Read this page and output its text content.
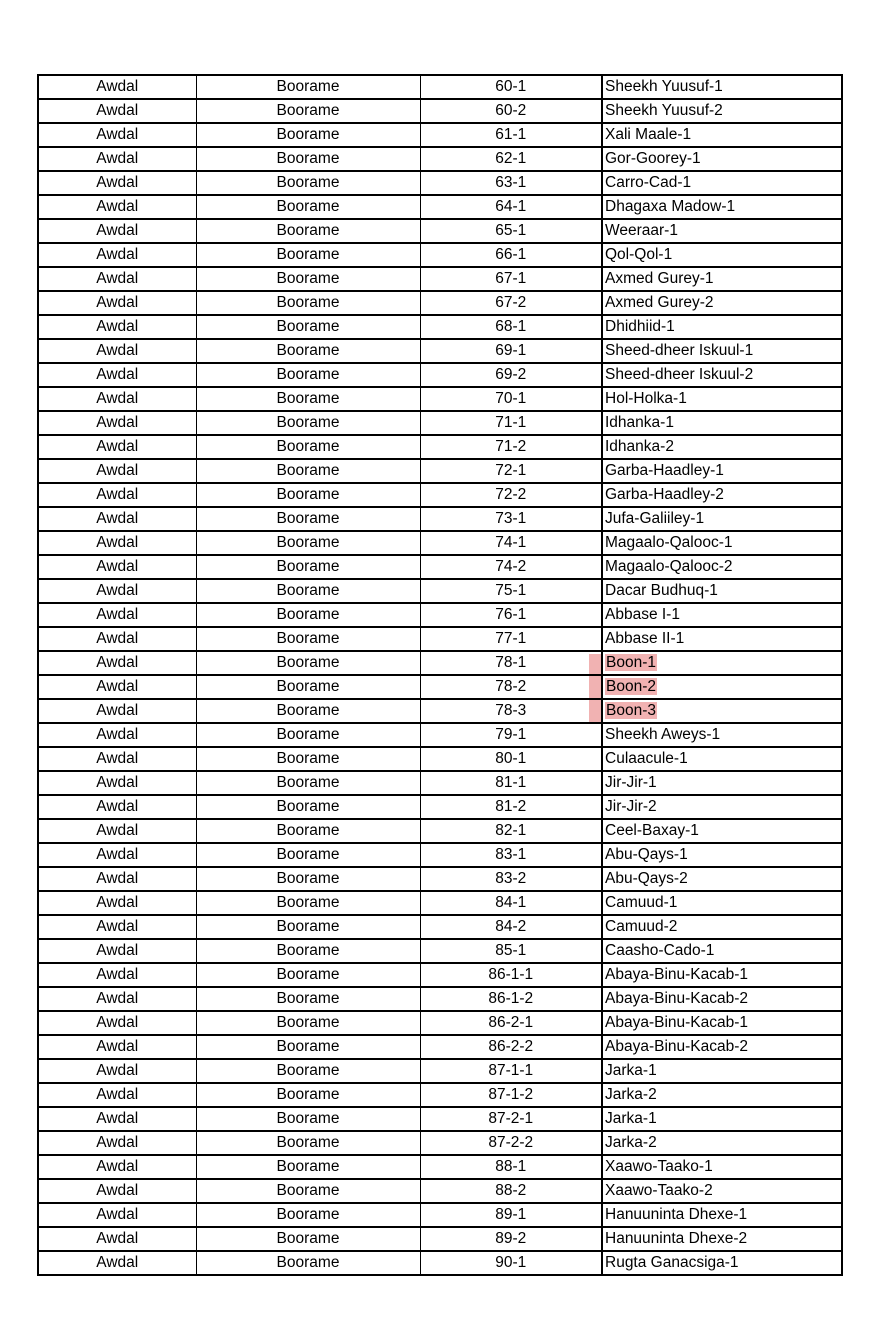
Awdal	Boorame	60-1	Sheekh Yuusuf-1
Awdal	Boorame	60-2	Sheekh Yuusuf-2
Awdal	Boorame	61-1	Xali Maale-1
Awdal	Boorame	62-1	Gor-Goorey-1
Awdal	Boorame	63-1	Carro-Cad-1
Awdal	Boorame	64-1	Dhagaxa Madow-1
Awdal	Boorame	65-1	Weeraar-1
Awdal	Boorame	66-1	Qol-Qol-1
Awdal	Boorame	67-1	Axmed Gurey-1
Awdal	Boorame	67-2	Axmed Gurey-2
Awdal	Boorame	68-1	Dhidhiid-1
Awdal	Boorame	69-1	Sheed-dheer Iskuul-1
Awdal	Boorame	69-2	Sheed-dheer Iskuul-2
Awdal	Boorame	70-1	Hol-Holka-1
Awdal	Boorame	71-1	Idhanka-1
Awdal	Boorame	71-2	Idhanka-2
Awdal	Boorame	72-1	Garba-Haadley-1
Awdal	Boorame	72-2	Garba-Haadley-2
Awdal	Boorame	73-1	Jufa-Galiiley-1
Awdal	Boorame	74-1	Magaalo-Qalooc-1
Awdal	Boorame	74-2	Magaalo-Qalooc-2
Awdal	Boorame	75-1	Dacar Budhuq-1
Awdal	Boorame	76-1	Abbase I-1
Awdal	Boorame	77-1	Abbase II-1
Awdal	Boorame	78-1	Boon-1
Awdal	Boorame	78-2	Boon-2
Awdal	Boorame	78-3	Boon-3
Awdal	Boorame	79-1	Sheekh Aweys-1
Awdal	Boorame	80-1	Culaacule-1
Awdal	Boorame	81-1	Jir-Jir-1
Awdal	Boorame	81-2	Jir-Jir-2
Awdal	Boorame	82-1	Ceel-Baxay-1
Awdal	Boorame	83-1	Abu-Qays-1
Awdal	Boorame	83-2	Abu-Qays-2
Awdal	Boorame	84-1	Camuud-1
Awdal	Boorame	84-2	Camuud-2
Awdal	Boorame	85-1	Caasho-Cado-1
Awdal	Boorame	86-1-1	Abaya-Binu-Kacab-1
Awdal	Boorame	86-1-2	Abaya-Binu-Kacab-2
Awdal	Boorame	86-2-1	Abaya-Binu-Kacab-1
Awdal	Boorame	86-2-2	Abaya-Binu-Kacab-2
Awdal	Boorame	87-1-1	Jarka-1
Awdal	Boorame	87-1-2	Jarka-2
Awdal	Boorame	87-2-1	Jarka-1
Awdal	Boorame	87-2-2	Jarka-2
Awdal	Boorame	88-1	Xaawo-Taako-1
Awdal	Boorame	88-2	Xaawo-Taako-2
Awdal	Boorame	89-1	Hanuuninta Dhexe-1
Awdal	Boorame	89-2	Hanuuninta Dhexe-2
Awdal	Boorame	90-1	Rugta Ganacsiga-1
